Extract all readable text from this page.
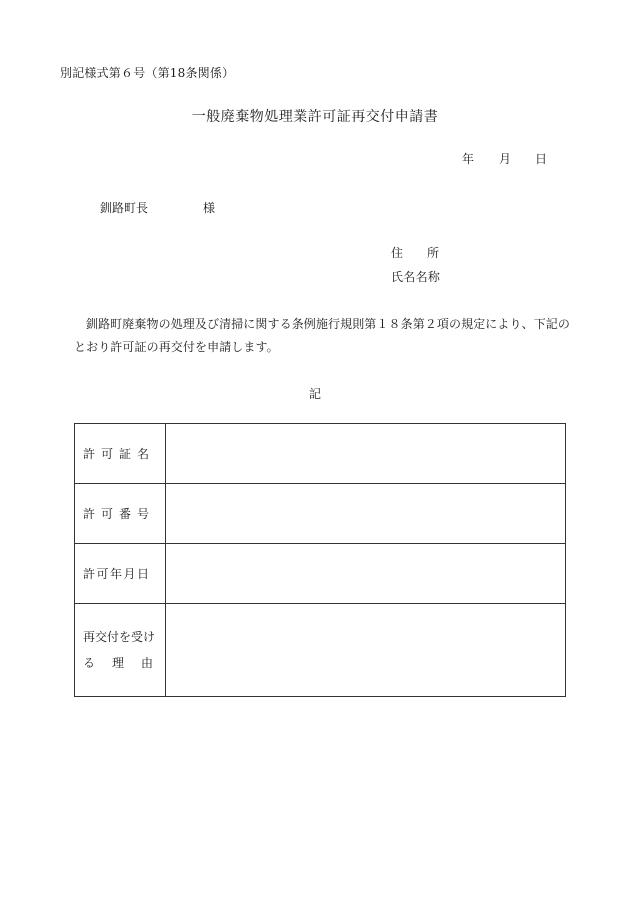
別記様式第６号（第18条関係）
一般廃棄物処理業許可証再交付申請書
年 月 日
釧路町長	様
住 所
氏名名称
釧路町廃棄物の処理及び清掃に関する条例施行規則第１８条第２項の規定により、下記のとおり許可証の再交付を申請します。
記
許 可 証 名	

許 可 番 号	

許 可 年 月 日	

再交付を受け
る 理 由	
